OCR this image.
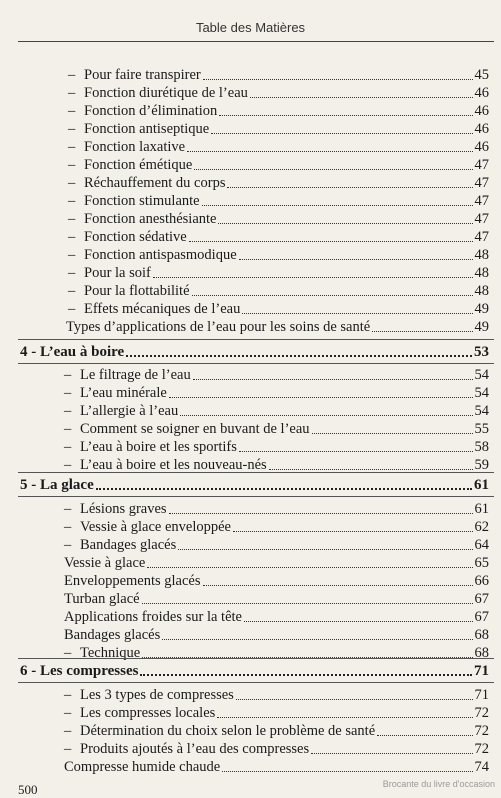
Table des Matières
– Pour faire transpirer	45
– Fonction diurétique de l’eau	46
– Fonction d’élimination	46
– Fonction antiseptique	46
– Fonction laxative	46
– Fonction émétique	47
– Réchauffement du corps	47
– Fonction stimulante	47
– Fonction anesthésiante	47
– Fonction sédative	47
– Fonction antispasmodique	48
– Pour la soif	48
– Pour la flottabilité	48
– Effets mécaniques de l’eau	49
Types d’applications de l’eau pour les soins de santé	49
4 - L’eau à boire	53
– Le filtrage de l’eau	54
– L’eau minérale	54
– L’allergie à l’eau	54
– Comment se soigner en buvant de l’eau	55
– L’eau à boire et les sportifs	58
– L’eau à boire et les nouveau-nés	59
5 - La glace	61
– Lésions graves	61
– Vessie à glace enveloppée	62
– Bandages glacés	64
Vessie à glace	65
Enveloppements glacés	66
Turban glacé	67
Applications froides sur la tête	67
Bandages glacés	68
– Technique	68
6 - Les compresses	71
– Les 3 types de compresses	71
– Les compresses locales	72
– Détermination du choix selon le problème de santé	72
– Produits ajoutés à l’eau des compresses	72
Compresse humide chaude	74
500	Brocante du livre d'occasion
